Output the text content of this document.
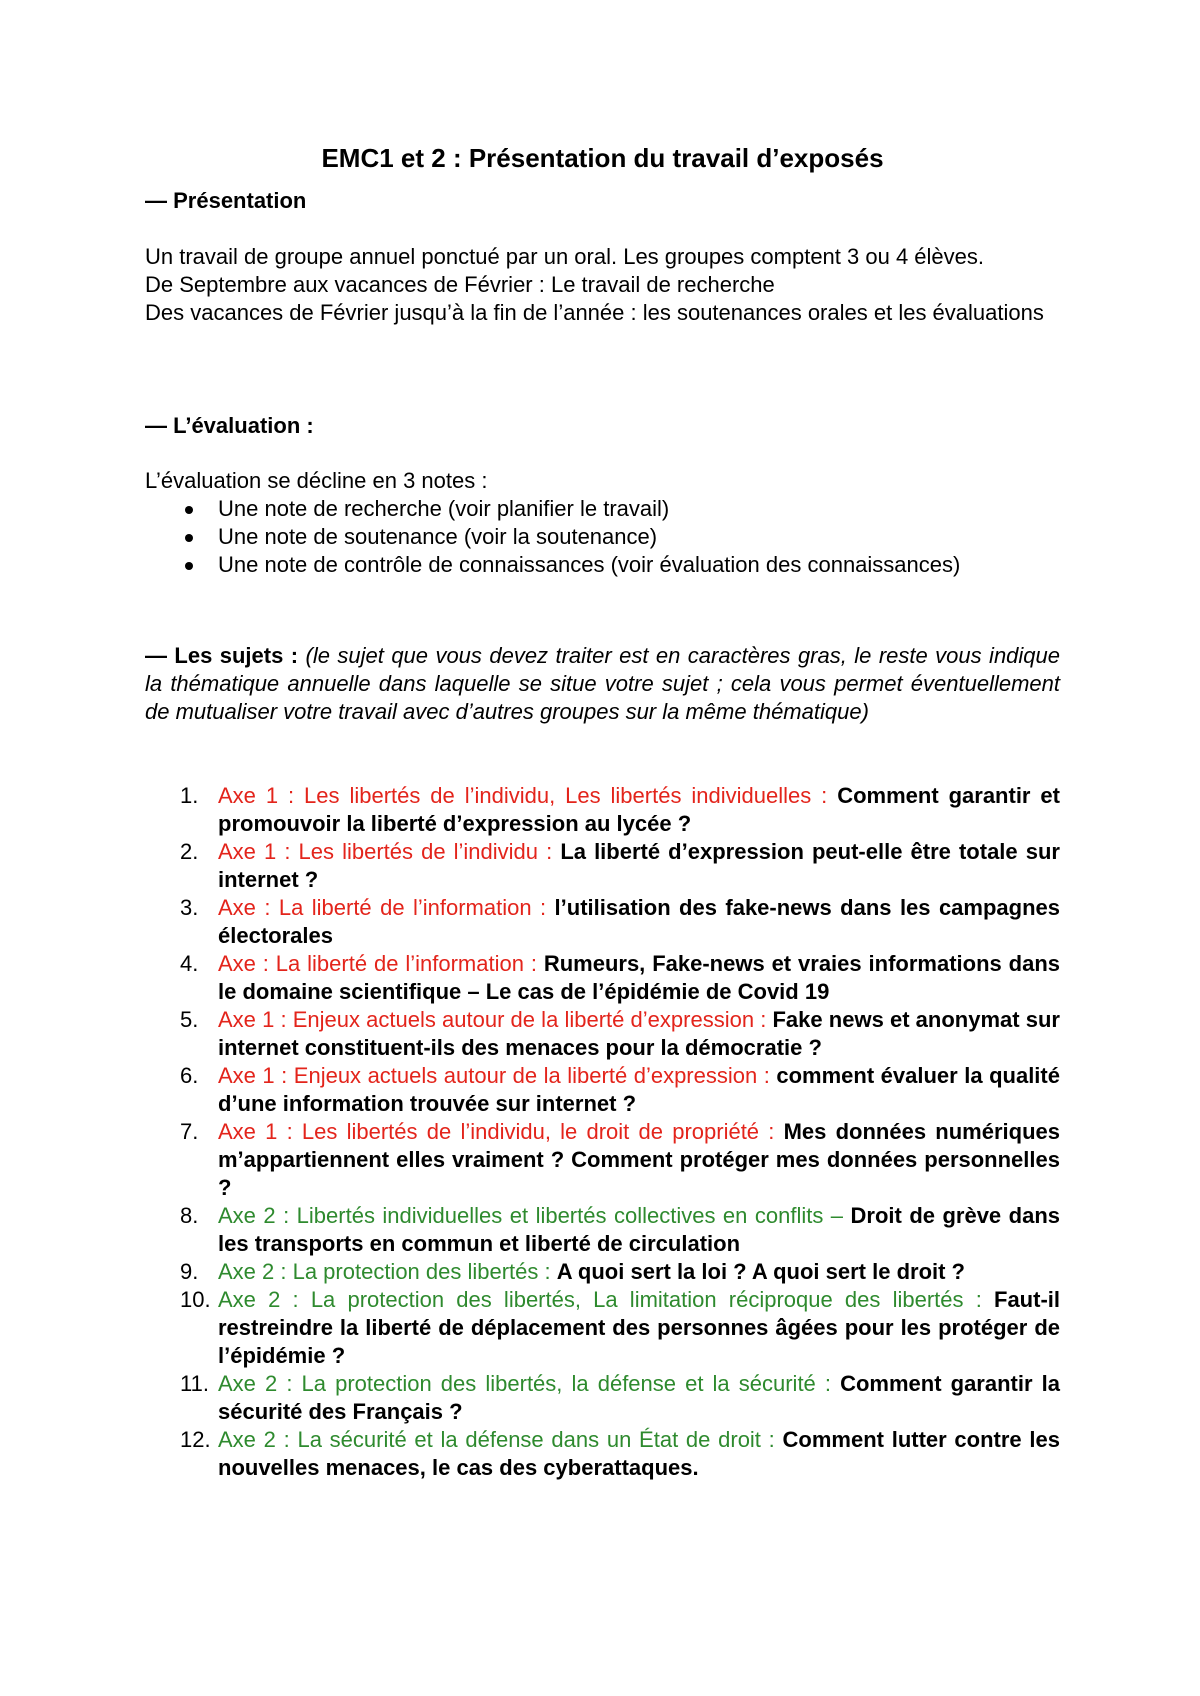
EMC1 et 2 : Présentation du travail d’exposés
— Présentation

Un travail de groupe annuel ponctué par un oral. Les groupes comptent 3 ou 4 élèves.

De Septembre aux vacances de Février : Le travail de recherche

Des vacances de Février jusqu’à la fin de l’année : les soutenances orales et les évaluations

— L’évaluation :
L’évaluation se décline en 3 notes :
Une note de recherche (voir planifier le travail)
Une note de soutenance (voir la soutenance)
Une note de contrôle de connaissances (voir évaluation des connaissances)
— Les sujets : (le sujet que vous devez traiter est en caractères gras, le reste vous indique la thématique annuelle dans laquelle se situe votre sujet ; cela vous permet éventuellement de mutualiser votre travail avec d’autres groupes sur la même thématique)
1. Axe 1 : Les libertés de l’individu, Les libertés individuelles : Comment garantir et promouvoir la liberté d’expression au lycée ?
2. Axe 1 : Les libertés de l’individu : La liberté d’expression peut-elle être totale sur internet ?
3. Axe : La liberté de l’information : l’utilisation des fake-news dans les campagnes électorales
4. Axe : La liberté de l’information : Rumeurs, Fake-news et vraies informations dans le domaine scientifique – Le cas de l’épidémie de Covid 19
5. Axe 1 : Enjeux actuels autour de la liberté d’expression : Fake news et anonymat sur internet constituent-ils des menaces pour la démocratie ?
6. Axe 1 : Enjeux actuels autour de la liberté d’expression : comment évaluer la qualité d’une information trouvée sur internet ?
7. Axe 1 : Les libertés de l’individu, le droit de propriété : Mes données numériques m’appartiennent elles vraiment ? Comment protéger mes données personnelles ?
8. Axe 2 : Libertés individuelles et libertés collectives en conflits – Droit de grève dans les transports en commun et liberté de circulation
9. Axe 2 : La protection des libertés : A quoi sert la loi ? A quoi sert le droit ?
10. Axe 2 : La protection des libertés, La limitation réciproque des libertés : Faut-il restreindre la liberté de déplacement des personnes âgées pour les protéger de l’épidémie ?
11. Axe 2 : La protection des libertés, la défense et la sécurité : Comment garantir la sécurité des Français ?
12. Axe 2 : La sécurité et la défense dans un État de droit : Comment lutter contre les nouvelles menaces, le cas des cyberattaques.
